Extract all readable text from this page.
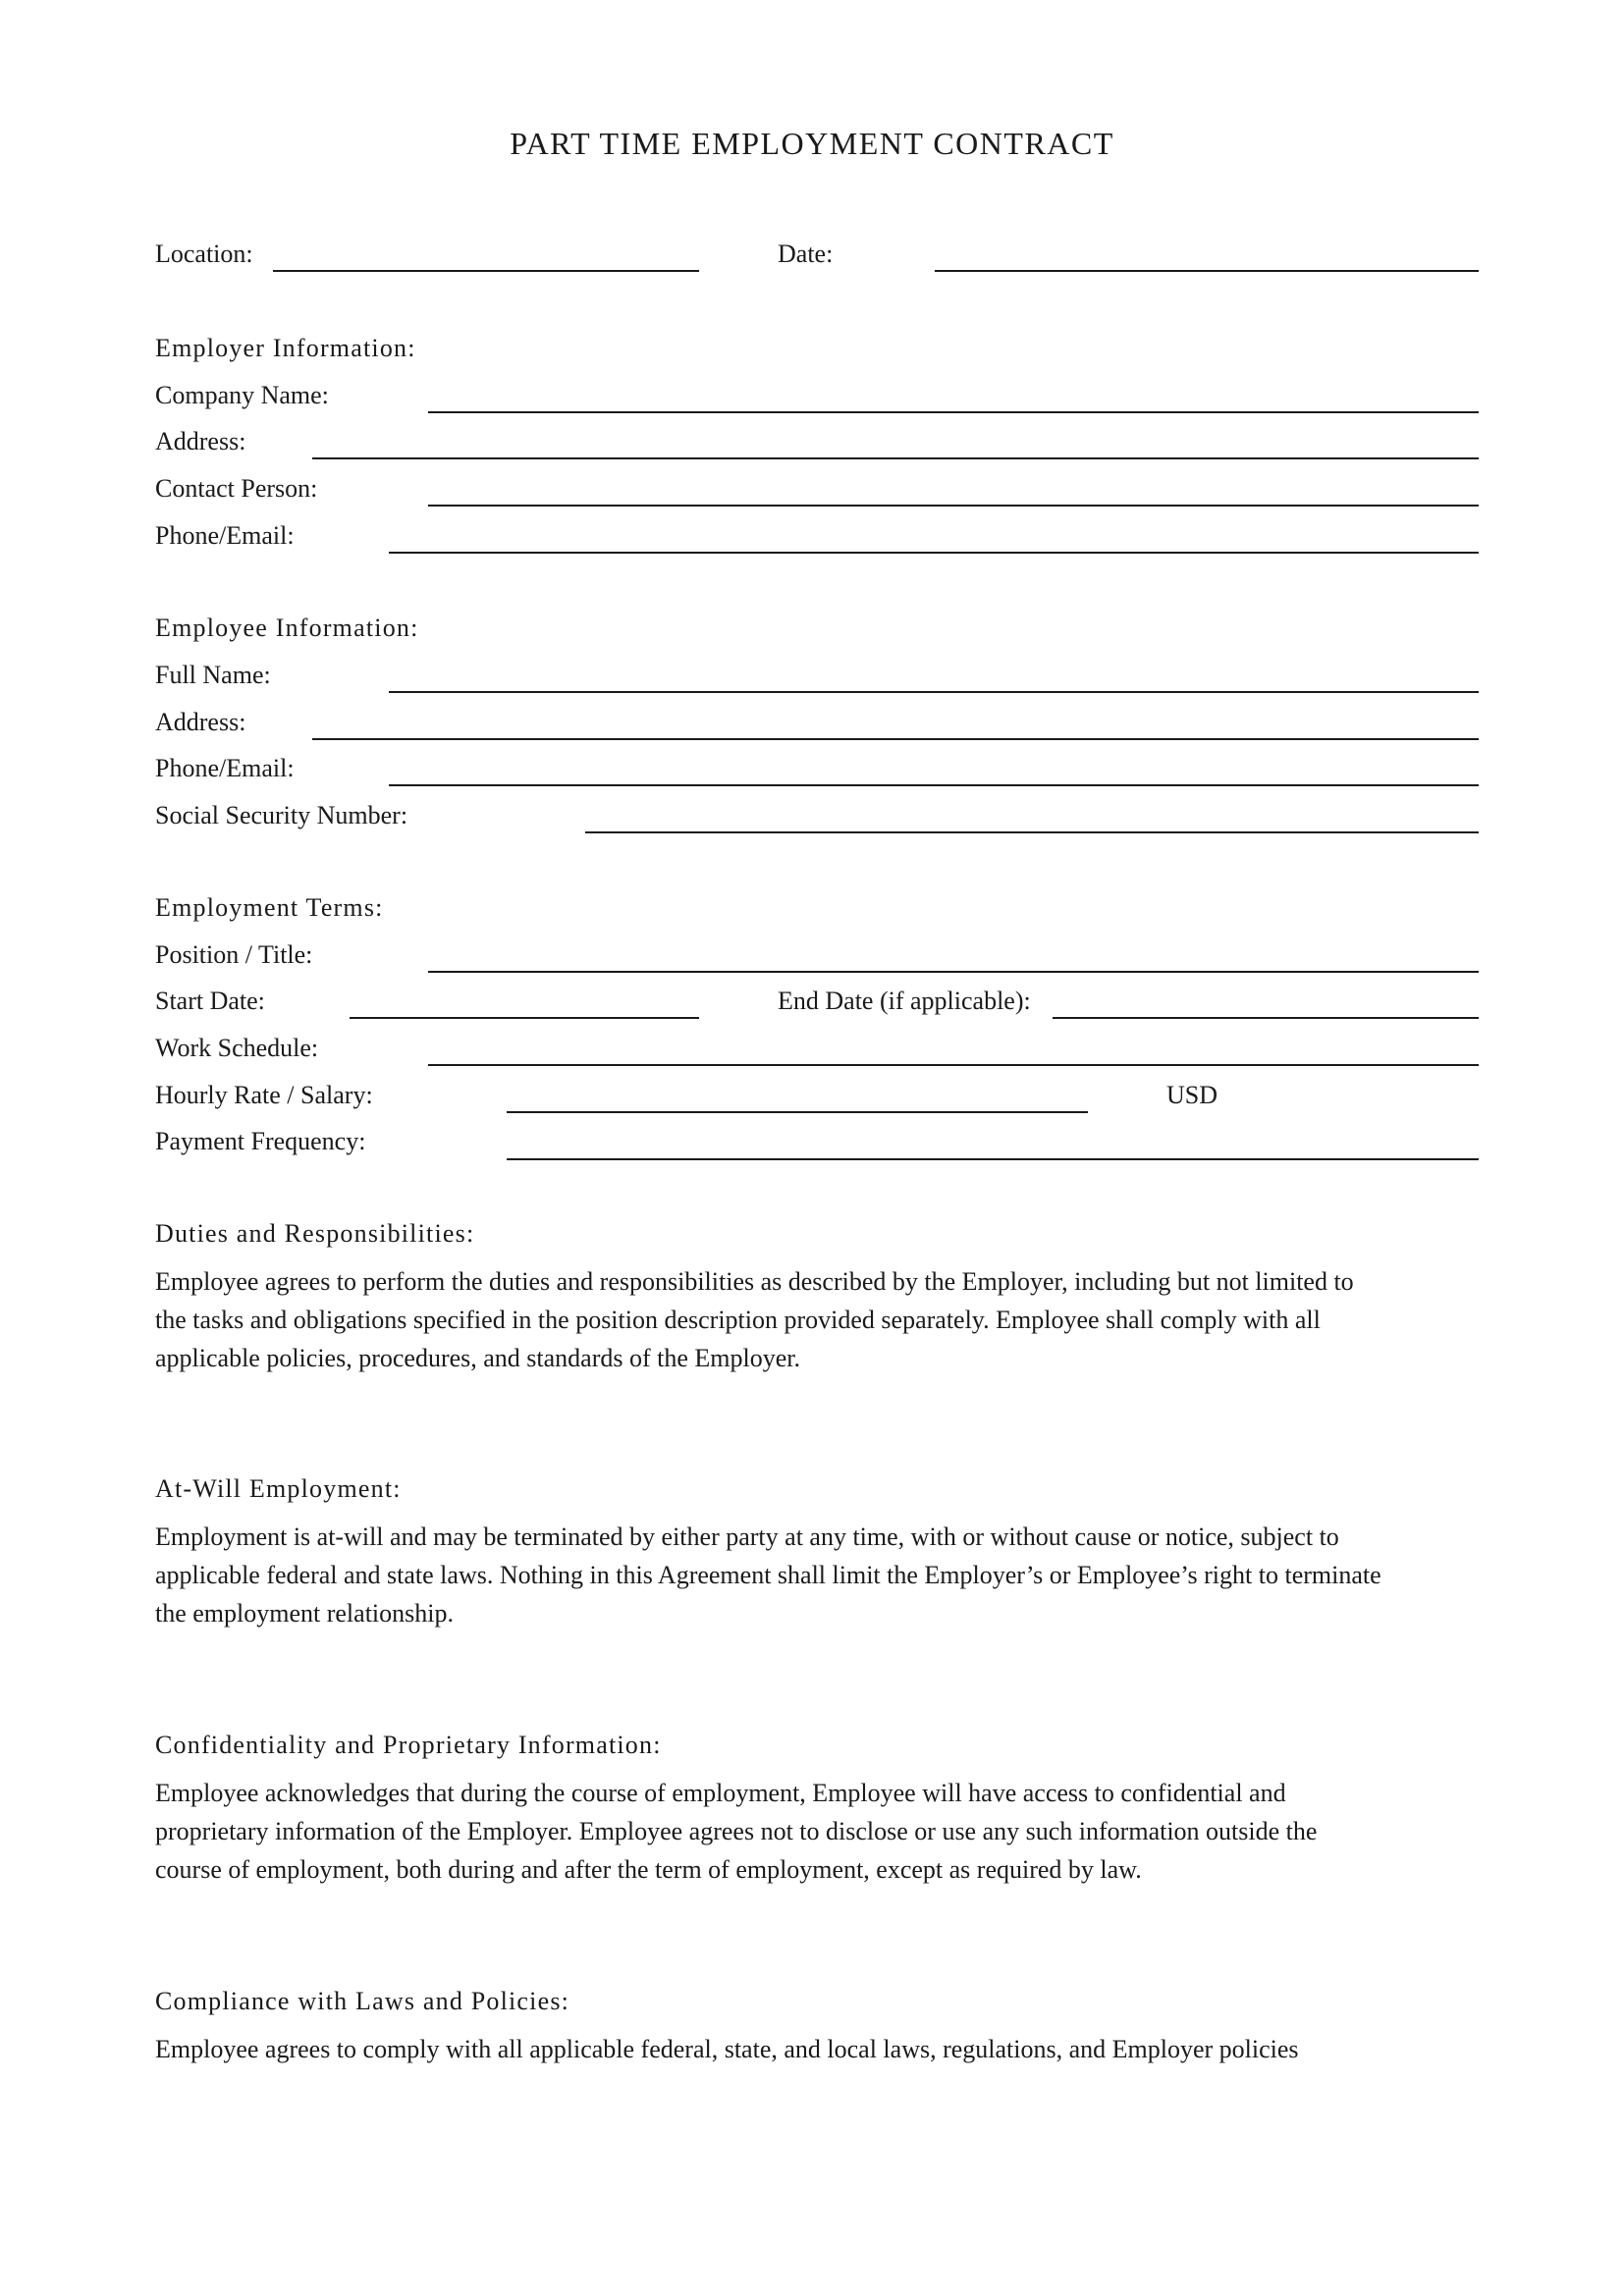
PART TIME EMPLOYMENT CONTRACT
Location:	Date:
Employer Information:
Company Name:
Address:
Contact Person:
Phone/Email:
Employee Information:
Full Name:
Address:
Phone/Email:
Social Security Number:
Employment Terms:
Position / Title:
Start Date:	End Date (if applicable):
Work Schedule:
Hourly Rate / Salary:	USD
Payment Frequency:
Duties and Responsibilities:
Employee agrees to perform the duties and responsibilities as described by the Employer, including but not limited to
the tasks and obligations specified in the position description provided separately. Employee shall comply with all
applicable policies, procedures, and standards of the Employer.
At-Will Employment:
Employment is at-will and may be terminated by either party at any time, with or without cause or notice, subject to
applicable federal and state laws. Nothing in this Agreement shall limit the Employer’s or Employee’s right to terminate
the employment relationship.
Confidentiality and Proprietary Information:
Employee acknowledges that during the course of employment, Employee will have access to confidential and
proprietary information of the Employer. Employee agrees not to disclose or use any such information outside the
course of employment, both during and after the term of employment, except as required by law.
Compliance with Laws and Policies:
Employee agrees to comply with all applicable federal, state, and local laws, regulations, and Employer policies
